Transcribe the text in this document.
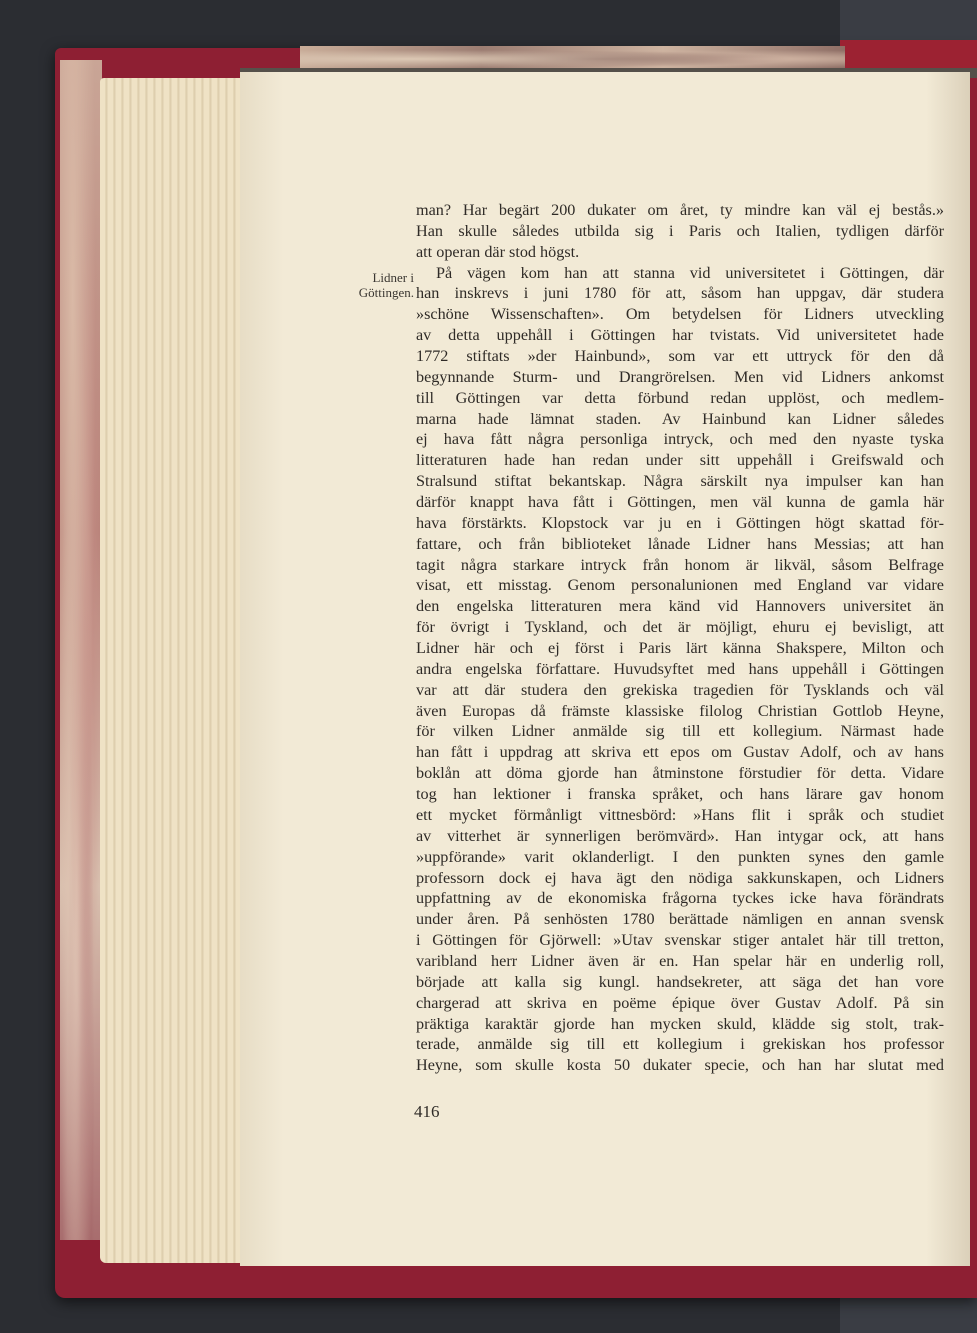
Lidner i
Göttingen.
man? Har begärt 200 dukater om året, ty mindre kan väl ej bestås.»
Han skulle således utbilda sig i Paris och Italien, tydligen därför
att operan där stod högst.
På vägen kom han att stanna vid universitetet i Göttingen, där
han inskrevs i juni 1780 för att, såsom han uppgav, där studera
»schöne Wissenschaften». Om betydelsen för Lidners utveckling
av detta uppehåll i Göttingen har tvistats. Vid universitetet hade
1772 stiftats »der Hainbund», som var ett uttryck för den då
begynnande Sturm- und Drangrörelsen. Men vid Lidners ankomst
till Göttingen var detta förbund redan upplöst, och medlem-
marna hade lämnat staden. Av Hainbund kan Lidner således
ej hava fått några personliga intryck, och med den nyaste tyska
litteraturen hade han redan under sitt uppehåll i Greifswald och
Stralsund stiftat bekantskap. Några särskilt nya impulser kan han
därför knappt hava fått i Göttingen, men väl kunna de gamla här
hava förstärkts. Klopstock var ju en i Göttingen högt skattad för-
fattare, och från biblioteket lånade Lidner hans Messias; att han
tagit några starkare intryck från honom är likväl, såsom Belfrage
visat, ett misstag. Genom personalunionen med England var vidare
den engelska litteraturen mera känd vid Hannovers universitet än
för övrigt i Tyskland, och det är möjligt, ehuru ej bevisligt, att
Lidner här och ej först i Paris lärt känna Shakspere, Milton och
andra engelska författare. Huvudsyftet med hans uppehåll i Göttingen
var att där studera den grekiska tragedien för Tysklands och väl
även Europas då främste klassiske filolog Christian Gottlob Heyne,
för vilken Lidner anmälde sig till ett kollegium. Närmast hade
han fått i uppdrag att skriva ett epos om Gustav Adolf, och av hans
boklån att döma gjorde han åtminstone förstudier för detta. Vidare
tog han lektioner i franska språket, och hans lärare gav honom
ett mycket förmånligt vittnesbörd: »Hans flit i språk och studiet
av vitterhet är synnerligen berömvärd». Han intygar ock, att hans
»uppförande» varit oklanderligt. I den punkten synes den gamle
professorn dock ej hava ägt den nödiga sakkunskapen, och Lidners
uppfattning av de ekonomiska frågorna tyckes icke hava förändrats
under åren. På senhösten 1780 berättade nämligen en annan svensk
i Göttingen för Gjörwell: »Utav svenskar stiger antalet här till tretton,
varibland herr Lidner även är en. Han spelar här en underlig roll,
började att kalla sig kungl. handsekreter, att säga det han vore
chargerad att skriva en poëme épique över Gustav Adolf. På sin
präktiga karaktär gjorde han mycken skuld, klädde sig stolt, trak-
terade, anmälde sig till ett kollegium i grekiskan hos professor
Heyne, som skulle kosta 50 dukater specie, och han har slutat med
416
